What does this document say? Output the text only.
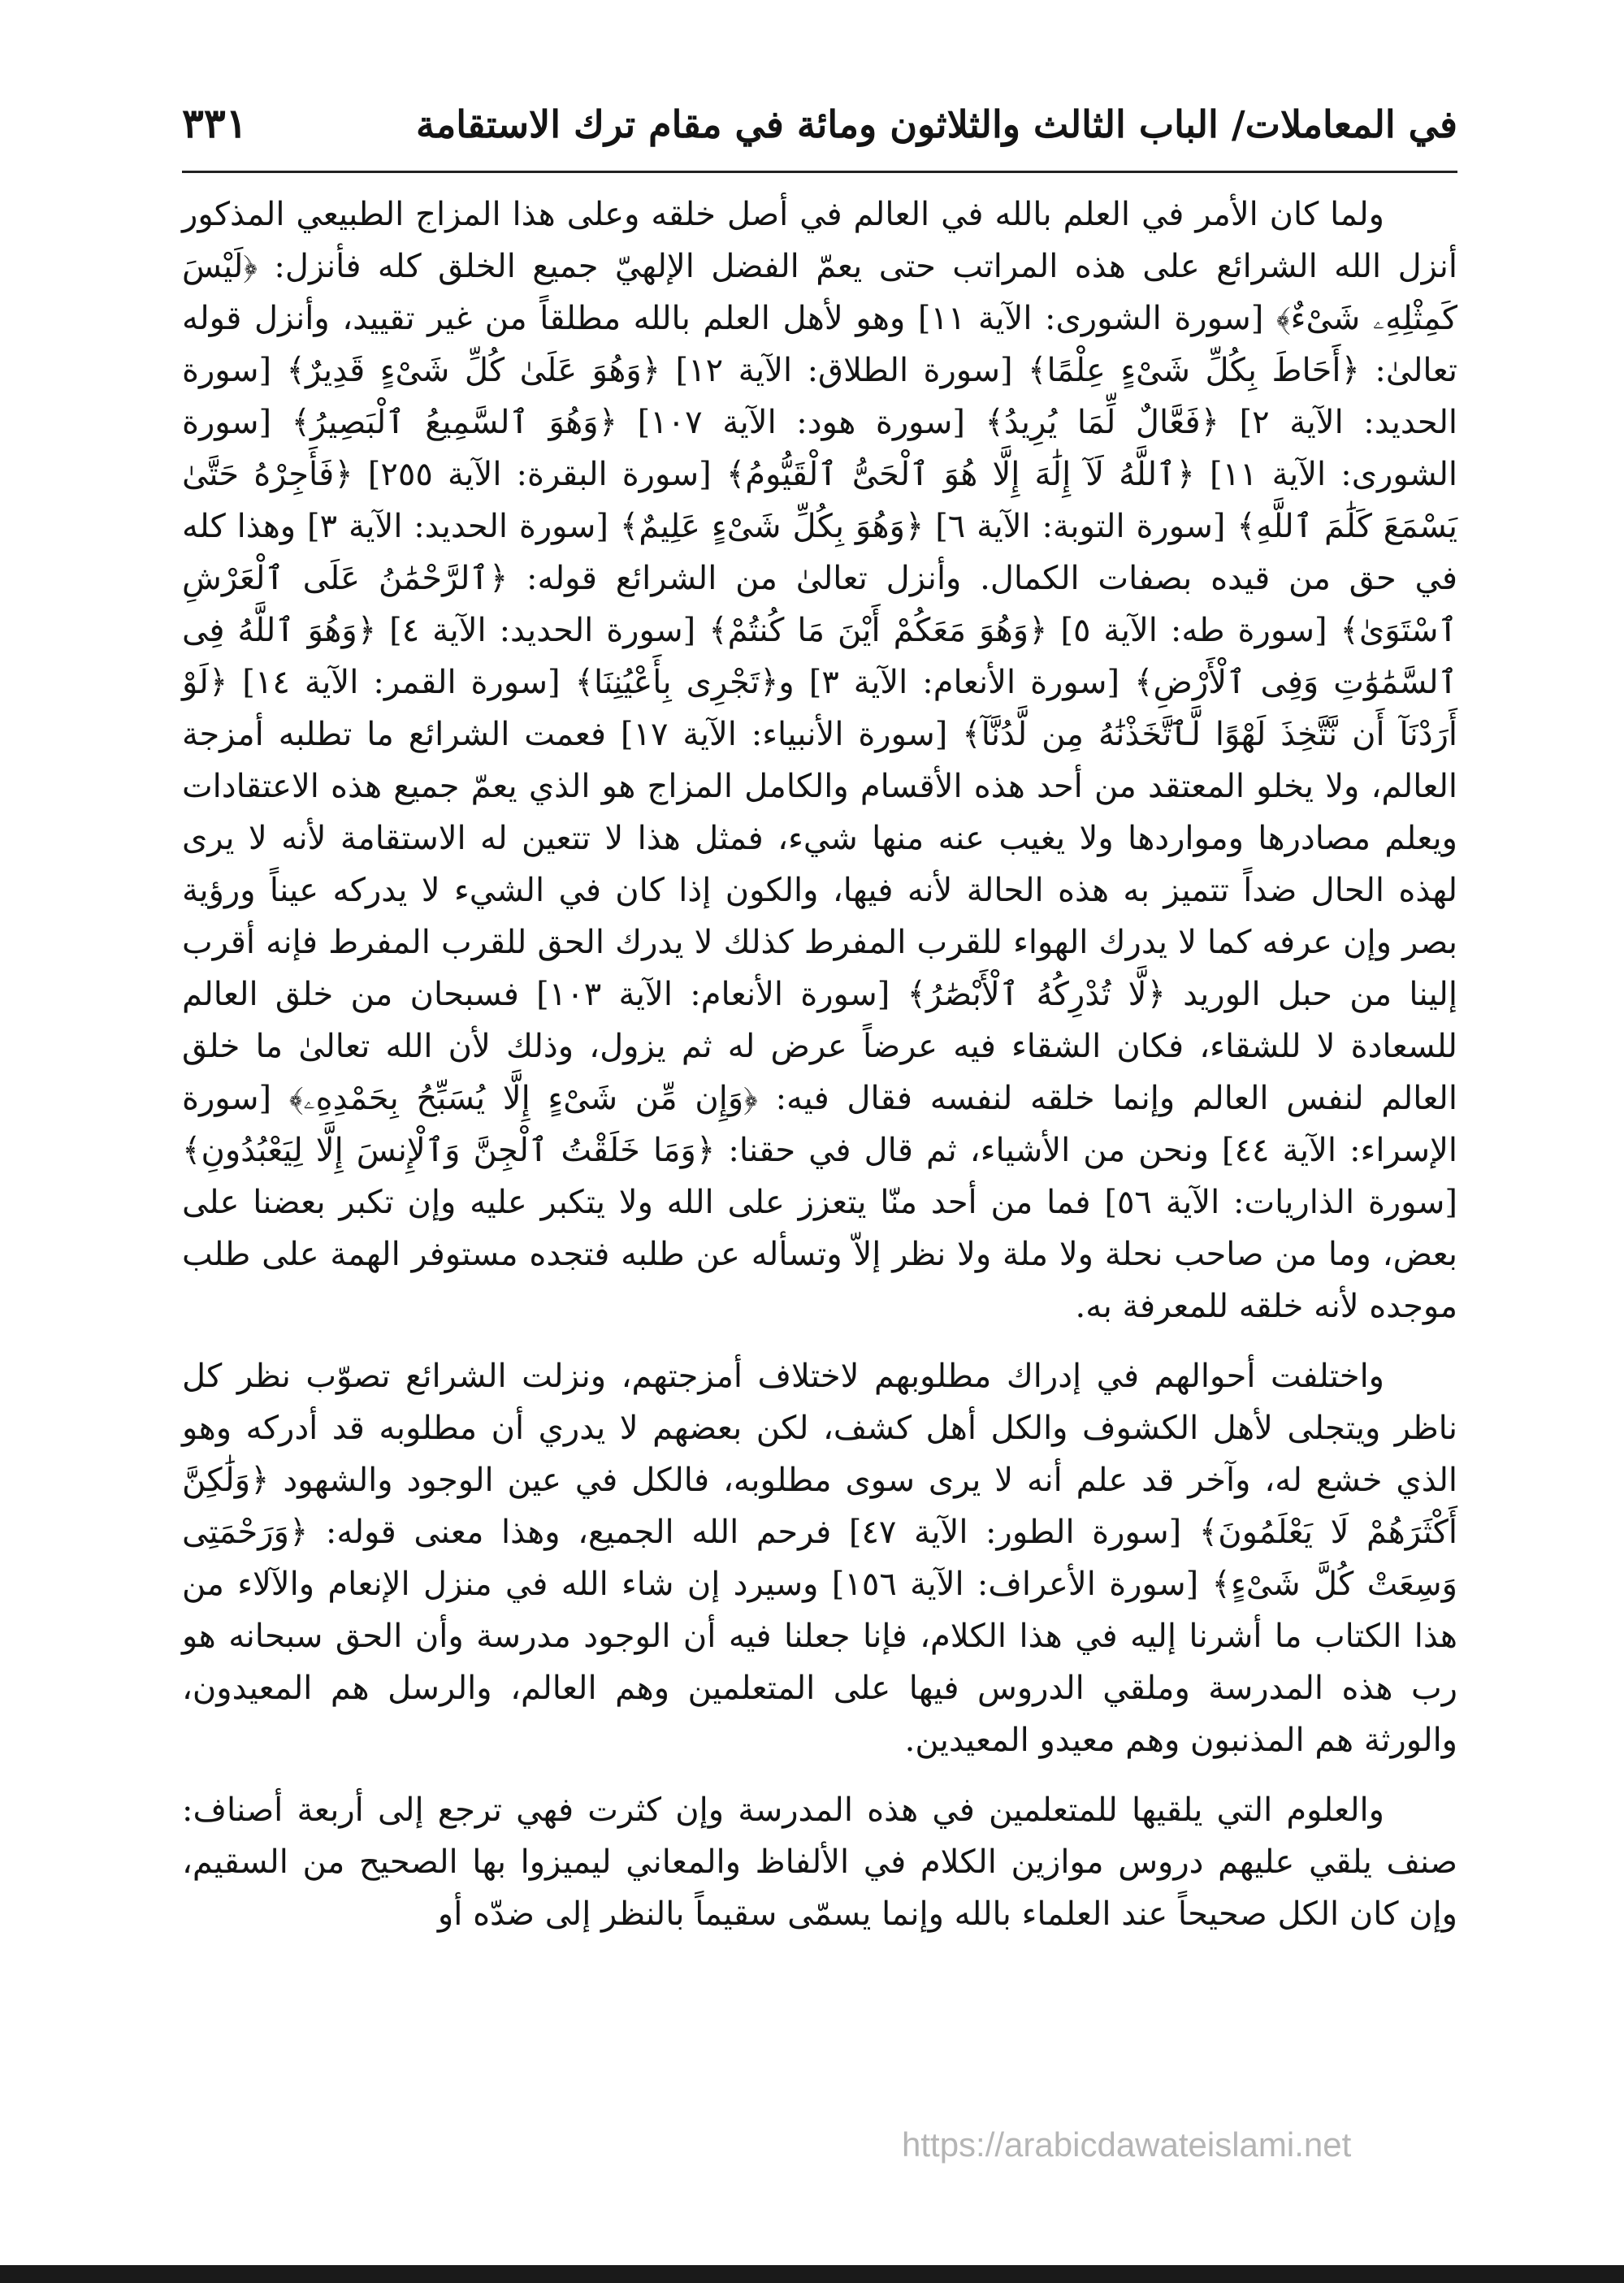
في المعاملات/ الباب الثالث والثلاثون ومائة في مقام ترك الاستقامة
٣٣١

ولما كان الأمر في العلم بالله في العالم في أصل خلقه وعلى هذا المزاج الطبيعي المذكور أنزل الله الشرائع على هذه المراتب حتى يعمّ الفضل الإلهيّ جميع الخلق كله فأنزل: ﴿لَيْسَ كَمِثْلِهِۦ شَىْءٌ﴾ [سورة الشورى: الآية ١١] وهو لأهل العلم بالله مطلقاً من غير تقييد، وأنزل قوله تعالىٰ: ﴿أَحَاطَ بِكُلِّ شَىْءٍ عِلْمًا﴾ [سورة الطلاق: الآية ١٢] ﴿وَهُوَ عَلَىٰ كُلِّ شَىْءٍ قَدِيرٌ﴾ [سورة الحديد: الآية ٢] ﴿فَعَّالٌ لِّمَا يُرِيدُ﴾ [سورة هود: الآية ١٠٧] ﴿وَهُوَ ٱلسَّمِيعُ ٱلْبَصِيرُ﴾ [سورة الشورى: الآية ١١] ﴿ٱللَّهُ لَآ إِلَٰهَ إِلَّا هُوَ ٱلْحَىُّ ٱلْقَيُّومُ﴾ [سورة البقرة: الآية ٢٥٥] ﴿فَأَجِرْهُ حَتَّىٰ يَسْمَعَ كَلَٰمَ ٱللَّهِ﴾ [سورة التوبة: الآية ٦] ﴿وَهُوَ بِكُلِّ شَىْءٍ عَلِيمٌ﴾ [سورة الحديد: الآية ٣] وهذا كله في حق من قيده بصفات الكمال. وأنزل تعالىٰ من الشرائع قوله: ﴿ٱلرَّحْمَٰنُ عَلَى ٱلْعَرْشِ ٱسْتَوَىٰ﴾ [سورة طه: الآية ٥] ﴿وَهُوَ مَعَكُمْ أَيْنَ مَا كُنتُمْ﴾ [سورة الحديد: الآية ٤] ﴿وَهُوَ ٱللَّهُ فِى ٱلسَّمَٰوَٰتِ وَفِى ٱلْأَرْضِ﴾ [سورة الأنعام: الآية ٣] و﴿تَجْرِى بِأَعْيُنِنَا﴾ [سورة القمر: الآية ١٤] ﴿لَوْ أَرَدْنَآ أَن نَّتَّخِذَ لَهْوًا لَّٱتَّخَذْنَٰهُ مِن لَّدُنَّآ﴾ [سورة الأنبياء: الآية ١٧] فعمت الشرائع ما تطلبه أمزجة العالم، ولا يخلو المعتقد من أحد هذه الأقسام والكامل المزاج هو الذي يعمّ جميع هذه الاعتقادات ويعلم مصادرها ومواردها ولا يغيب عنه منها شيء، فمثل هذا لا تتعين له الاستقامة لأنه لا يرى لهذه الحال ضداً تتميز به هذه الحالة لأنه فيها، والكون إذا كان في الشيء لا يدركه عيناً ورؤية بصر وإن عرفه كما لا يدرك الهواء للقرب المفرط كذلك لا يدرك الحق للقرب المفرط فإنه أقرب إلينا من حبل الوريد ﴿لَّا تُدْرِكُهُ ٱلْأَبْصَٰرُ﴾ [سورة الأنعام: الآية ١٠٣] فسبحان من خلق العالم للسعادة لا للشقاء، فكان الشقاء فيه عرضاً عرض له ثم يزول، وذلك لأن الله تعالىٰ ما خلق العالم لنفس العالم وإنما خلقه لنفسه فقال فيه: ﴿وَإِن مِّن شَىْءٍ إِلَّا يُسَبِّحُ بِحَمْدِهِۦ﴾ [سورة الإسراء: الآية ٤٤] ونحن من الأشياء، ثم قال في حقنا: ﴿وَمَا خَلَقْتُ ٱلْجِنَّ وَٱلْإِنسَ إِلَّا لِيَعْبُدُونِ﴾ [سورة الذاريات: الآية ٥٦] فما من أحد منّا يتعزز على الله ولا يتكبر عليه وإن تكبر بعضنا على بعض، وما من صاحب نحلة ولا ملة ولا نظر إلاّ وتسأله عن طلبه فتجده مستوفر الهمة على طلب موجده لأنه خلقه للمعرفة به.

واختلفت أحوالهم في إدراك مطلوبهم لاختلاف أمزجتهم، ونزلت الشرائع تصوّب نظر كل ناظر ويتجلى لأهل الكشوف والكل أهل كشف، لكن بعضهم لا يدري أن مطلوبه قد أدركه وهو الذي خشع له، وآخر قد علم أنه لا يرى سوى مطلوبه، فالكل في عين الوجود والشهود ﴿وَلَٰكِنَّ أَكْثَرَهُمْ لَا يَعْلَمُونَ﴾ [سورة الطور: الآية ٤٧] فرحم الله الجميع، وهذا معنى قوله: ﴿وَرَحْمَتِى وَسِعَتْ كُلَّ شَىْءٍ﴾ [سورة الأعراف: الآية ١٥٦] وسيرد إن شاء الله في منزل الإنعام والآلاء من هذا الكتاب ما أشرنا إليه في هذا الكلام، فإنا جعلنا فيه أن الوجود مدرسة وأن الحق سبحانه هو رب هذه المدرسة وملقي الدروس فيها على المتعلمين وهم العالم، والرسل هم المعيدون، والورثة هم المذنبون وهم معيدو المعيدين.

والعلوم التي يلقيها للمتعلمين في هذه المدرسة وإن كثرت فهي ترجع إلى أربعة أصناف: صنف يلقي عليهم دروس موازين الكلام في الألفاظ والمعاني ليميزوا بها الصحيح من السقيم، وإن كان الكل صحيحاً عند العلماء بالله وإنما يسمّى سقيماً بالنظر إلى ضدّه أو

https://arabicdawateislami.net
